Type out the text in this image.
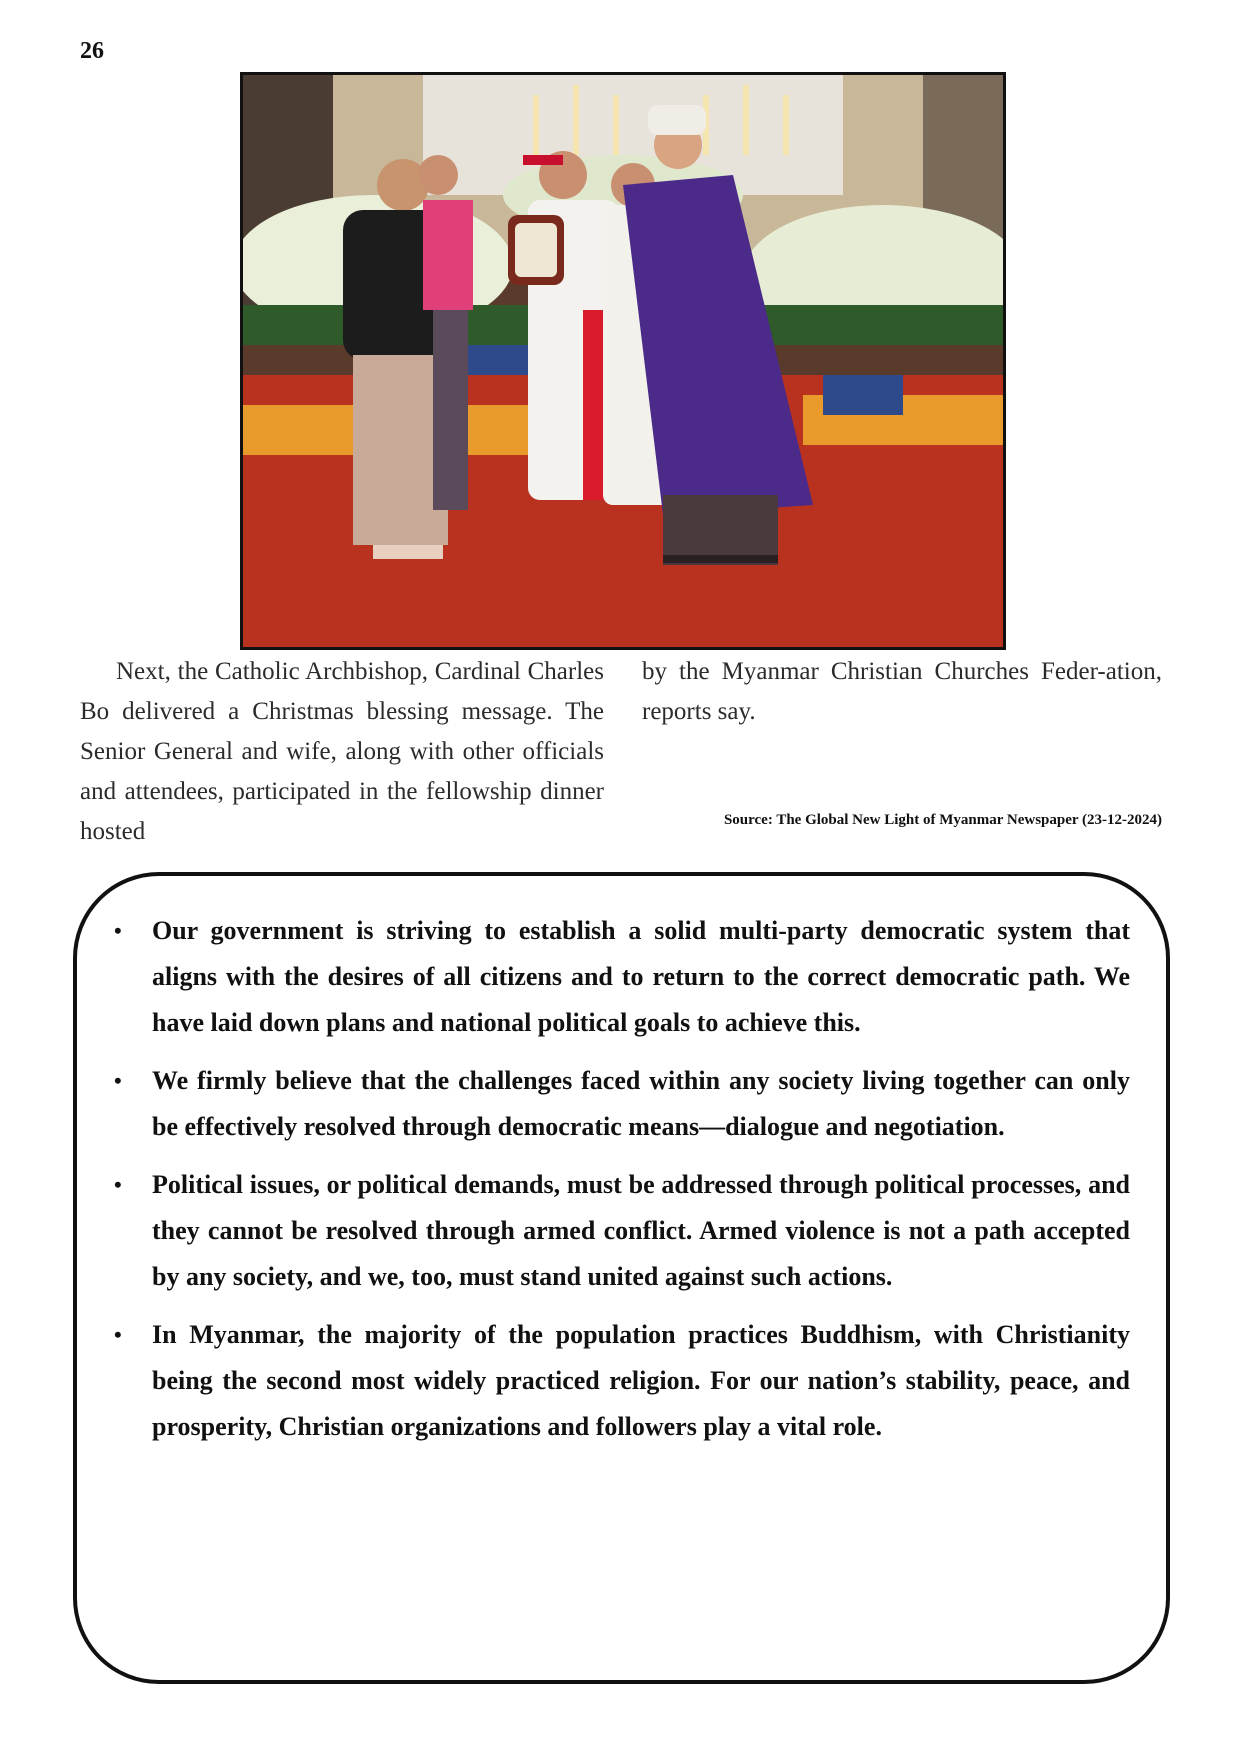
26
Next, the Catholic Archbishop, Cardinal Charles Bo delivered a Christmas blessing message. The Senior General and wife, along with other officials and attendees, participated in the fellowship dinner hosted
by the Myanmar Christian Churches Feder-ation, reports say.
Source: The Global New Light of Myanmar Newspaper (23-12-2024)
• Our government is striving to establish a solid multi-party democratic system that aligns with the desires of all citizens and to return to the correct democratic path. We have laid down plans and national political goals to achieve this.
• We firmly believe that the challenges faced within any society living together can only be effectively resolved through democratic means—dialogue and negotiation.
• Political issues, or political demands, must be addressed through political processes, and they cannot be resolved through armed conflict. Armed violence is not a path accepted by any society, and we, too, must stand united against such actions.
• In Myanmar, the majority of the population practices Buddhism, with Christianity being the second most widely practiced religion. For our nation’s stability, peace, and prosperity, Christian organizations and followers play a vital role.
